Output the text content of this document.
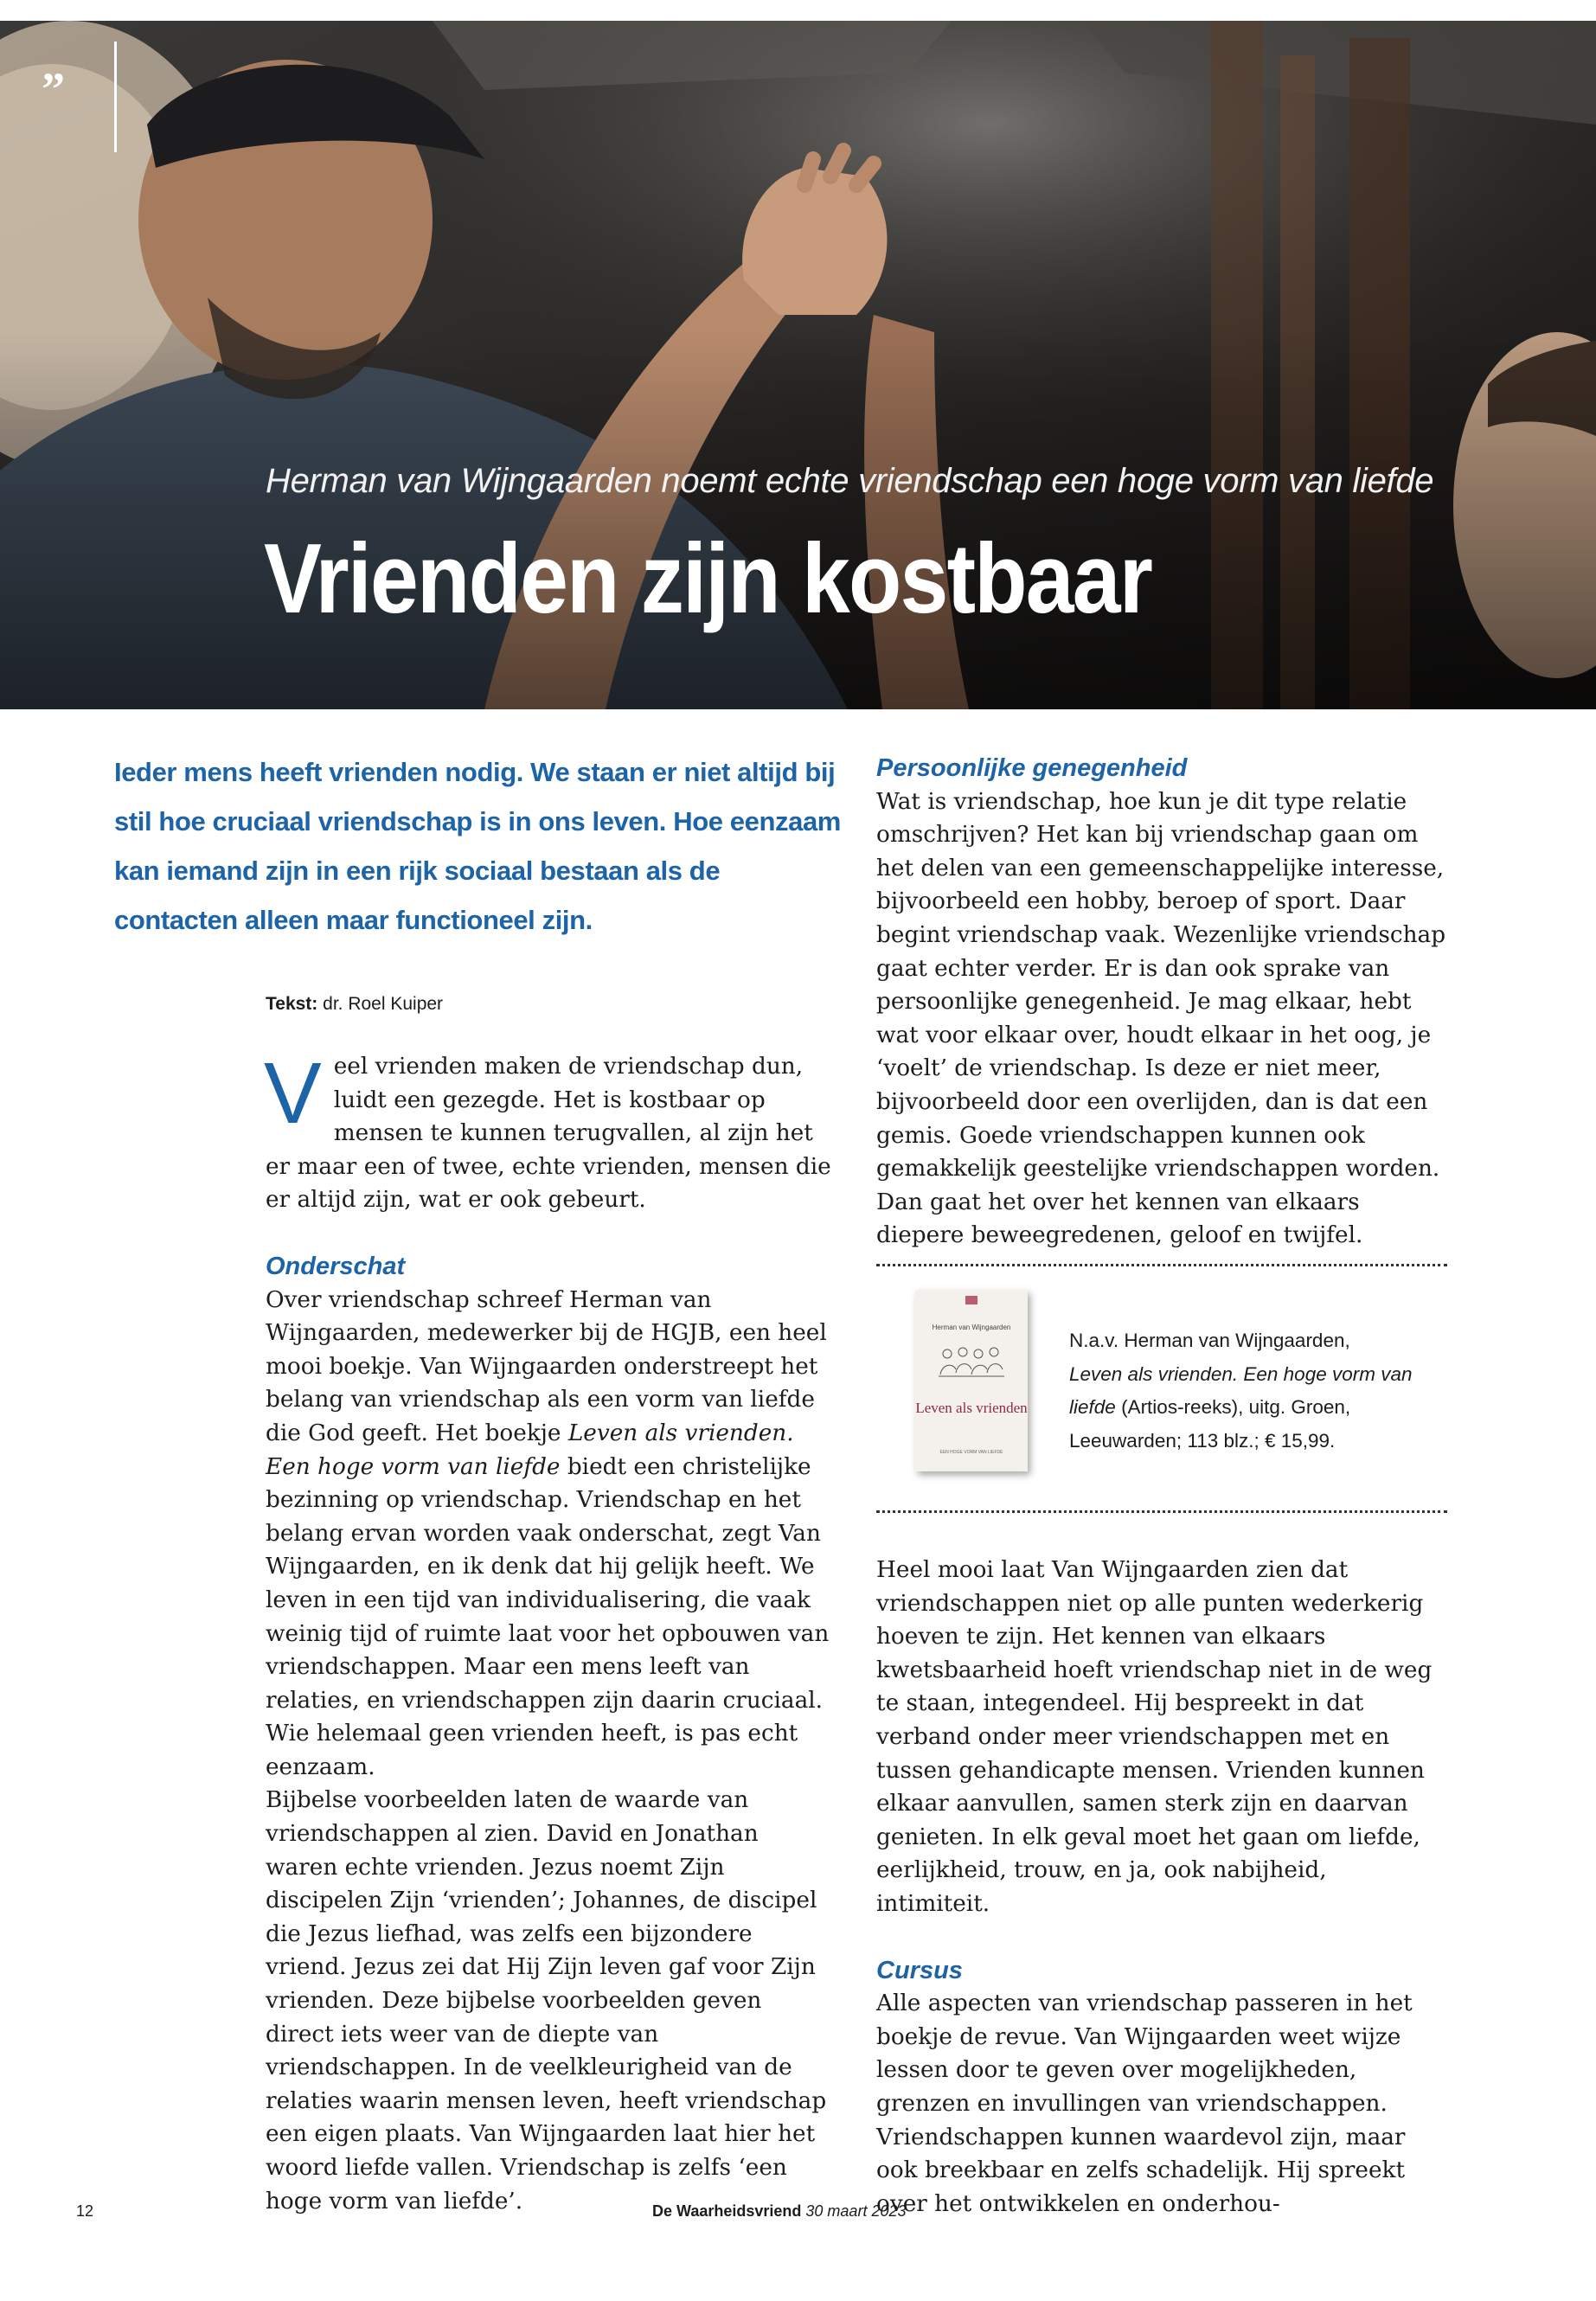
”
Herman van Wijngaarden noemt echte vriendschap een hoge vorm van liefde
Vrienden zijn kostbaar
Ieder mens heeft vrienden nodig. We staan er niet altijd bij stil hoe cruciaal vriendschap is in ons leven. Hoe eenzaam kan iemand zijn in een rijk sociaal bestaan als de contacten alleen maar functioneel zijn.
Tekst: dr. Roel Kuiper

Veel vrienden maken de vriendschap dun, luidt een gezegde. Het is kostbaar op mensen te kunnen terugvallen, al zijn het er maar een of twee, echte vrienden, mensen die er altijd zijn, wat er ook gebeurt.

Onderschat

Over vriendschap schreef Herman van Wijngaarden, medewerker bij de HGJB, een heel mooi boekje. Van Wijngaarden onderstreept het belang van vriendschap als een vorm van liefde die God geeft. Het boekje Leven als vrienden. Een hoge vorm van liefde biedt een christelijke bezinning op vriendschap. Vriendschap en het belang ervan worden vaak onderschat, zegt Van Wijngaarden, en ik denk dat hij gelijk heeft. We leven in een tijd van individualisering, die vaak weinig tijd of ruimte laat voor het opbouwen van vriendschappen. Maar een mens leeft van relaties, en vriendschappen zijn daarin cruciaal. Wie helemaal geen vrienden heeft, is pas echt eenzaam.

Bijbelse voorbeelden laten de waarde van vriendschappen al zien. David en Jonathan waren echte vrienden. Jezus noemt Zijn discipelen Zijn ‘vrienden’; Johannes, de discipel die Jezus liefhad, was zelfs een bijzondere vriend. Jezus zei dat Hij Zijn leven gaf voor Zijn vrienden. Deze bijbelse voorbeelden geven direct iets weer van de diepte van vriendschappen. In de veelkleurigheid van de relaties waarin mensen leven, heeft vriendschap een eigen plaats. Van Wijngaarden laat hier het woord liefde vallen. Vriendschap is zelfs ‘een hoge vorm van liefde’.

Persoonlijke genegenheid

Wat is vriendschap, hoe kun je dit type relatie omschrijven? Het kan bij vriendschap gaan om het delen van een gemeenschappelijke interesse, bijvoorbeeld een hobby, beroep of sport. Daar begint vriendschap vaak. Wezenlijke vriendschap gaat echter verder. Er is dan ook sprake van persoonlijke genegenheid. Je mag elkaar, hebt wat voor elkaar over, houdt elkaar in het oog, je ‘voelt’ de vriendschap. Is deze er niet meer, bijvoorbeeld door een overlijden, dan is dat een gemis. Goede vriendschappen kunnen ook gemakkelijk geestelijke vriendschappen worden. Dan gaat het over het kennen van elkaars diepere beweegredenen, geloof en twijfel.

Herman van Wijngaarden
Leven als vrienden
EEN HOGE VORM VAN LIEFDE
N.a.v. Herman van Wijngaarden,
Leven als vrienden. Een hoge vorm van liefde (Artios-reeks), uitg. Groen, Leeuwarden; 113 blz.; € 15,99.

Heel mooi laat Van Wijngaarden zien dat vriendschappen niet op alle punten wederkerig hoeven te zijn. Het kennen van elkaars kwetsbaarheid hoeft vriendschap niet in de weg te staan, integendeel. Hij bespreekt in dat verband onder meer vriendschappen met en tussen gehandicapte mensen. Vrienden kunnen elkaar aanvullen, samen sterk zijn en daarvan genieten. In elk geval moet het gaan om liefde, eerlijkheid, trouw, en ja, ook nabijheid, intimiteit.

Cursus

Alle aspecten van vriendschap passeren in het boekje de revue. Van Wijngaarden weet wijze lessen door te geven over mogelijkheden, grenzen en invullingen van vriendschappen. Vriendschappen kunnen waardevol zijn, maar ook breekbaar en zelfs schadelijk. Hij spreekt over het ontwikkelen en onderhou-

12	De Waarheidsvriend 30 maart 2023
